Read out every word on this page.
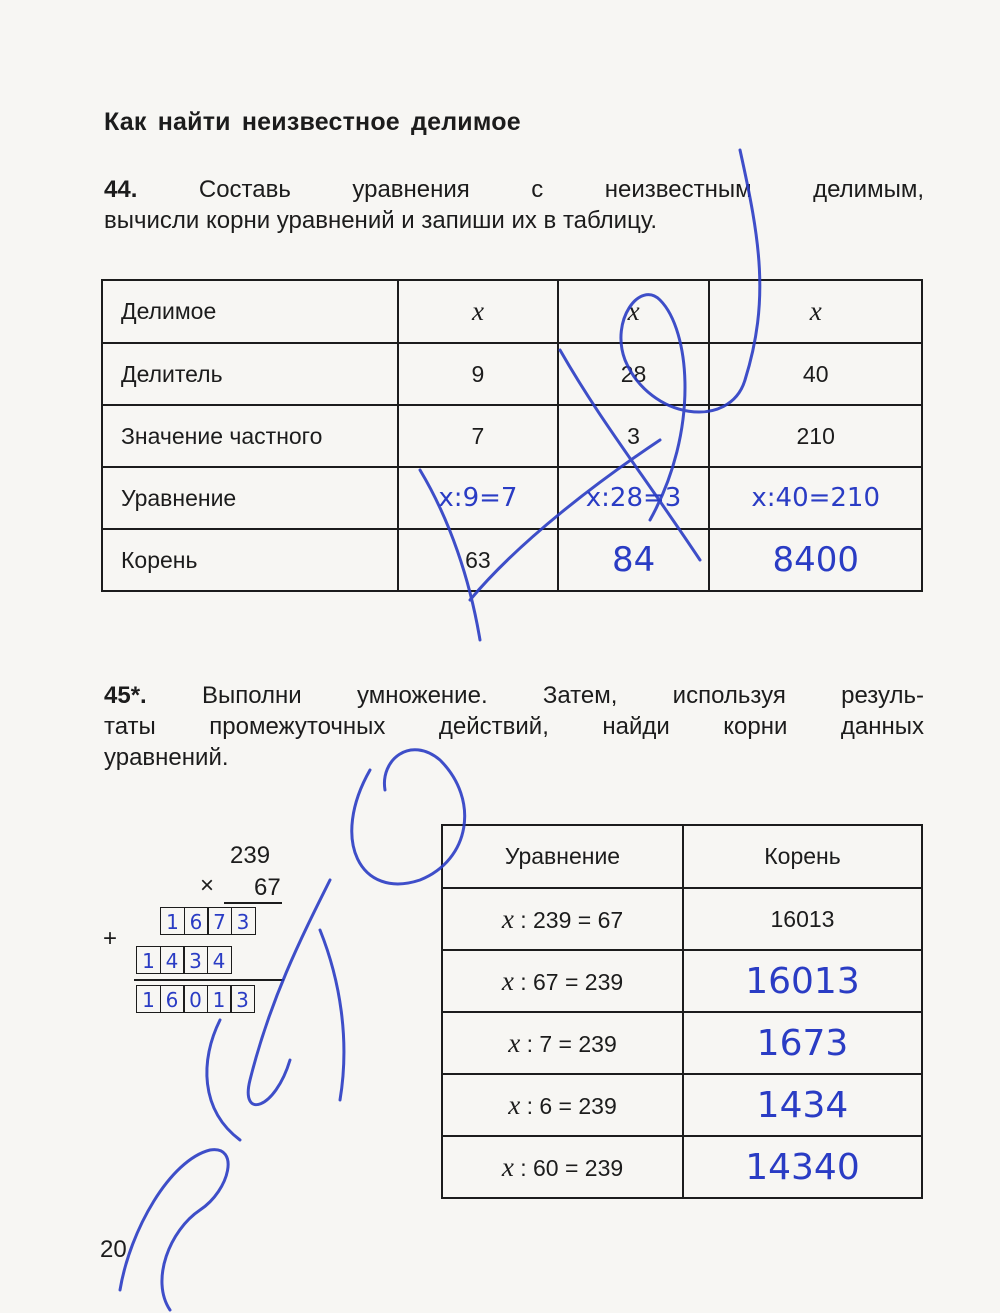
Как найти неизвестное делимое
44.	Составь уравнения с неизвестным делимым,
вычисли корни уравнений и запиши их в таблицу.
Делимое	x	x	x
Делитель	9	28	40
Значение частного	7	3	210
Уравнение	x:9=7	x:28=3	x:40=210
Корень	63	84	8400
45*. Выполни умножение. Затем, используя резуль-
таты промежуточных действий, найди корни данных
уравнений.
239
× 67
+
1 6 7 3
1 4 3 4
1 6 0 1 3
Уравнение	Корень
x : 239 = 67	16013
x : 67 = 239	16013
x : 7 = 239	1673
x : 6 = 239	1434
x : 60 = 239	14340
20
